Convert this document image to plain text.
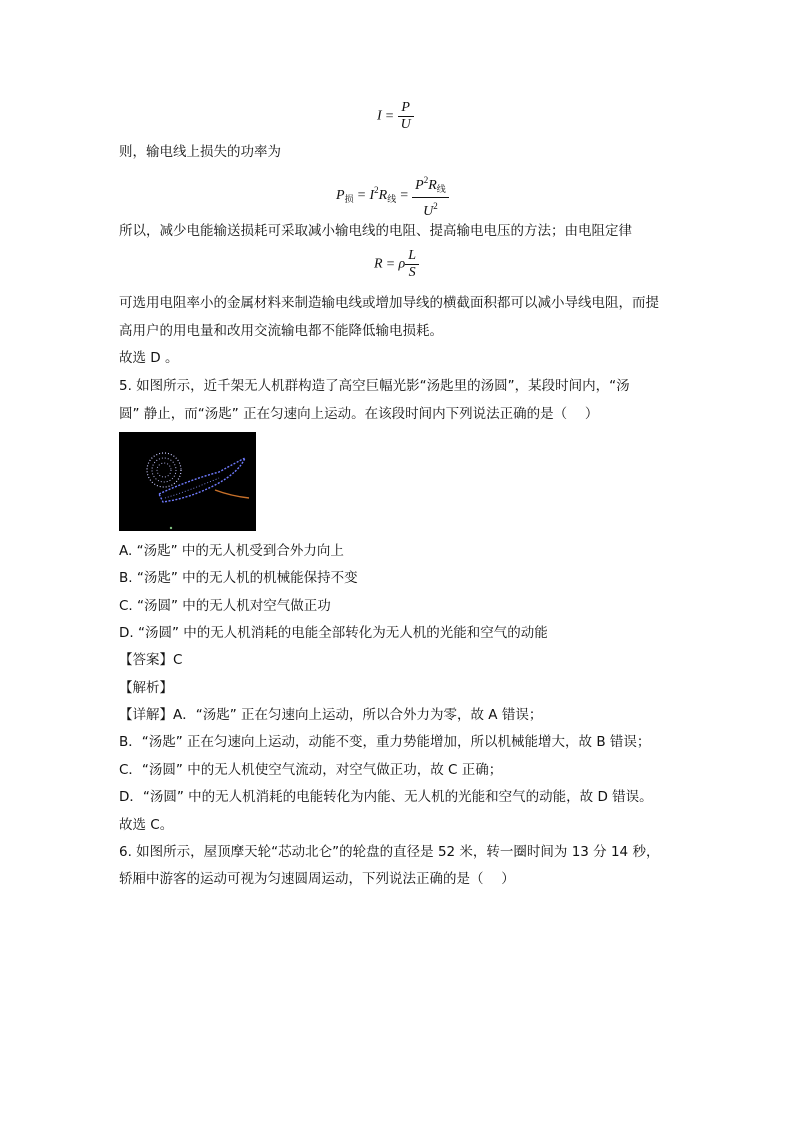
$I = \frac{P}{U}$
则，输电线上损失的功率为
$P_损 = I^2R_线 = \frac{P^2R_线}{U^2}$
所以，减少电能输送损耗可采取减小输电线的电阻、提高输电电压的方法；由电阻定律
R = ρ $\frac{L}{S}$
可选用电阻率小的金属材料来制造输电线或增加导线的横截面积都可以减小导线电阻，而提
高用户的用电量和改用交流输电都不能降低输电损耗。
故选 D 。
5. 如图所示，近千架无人机群构造了高空巨幅光影“汤匙里的汤圆”，某段时间内，“汤
圆” 静止，而“汤匙” 正在匀速向上运动。在该段时间内下列说法正确的是（　 ）
A. “汤匙” 中的无人机受到合外力向上
B. “汤匙” 中的无人机的机械能保持不变
C. “汤圆” 中的无人机对空气做正功
D. “汤圆” 中的无人机消耗的电能全部转化为无人机的光能和空气的动能
【答案】C
【解析】
【详解】A．“汤匙” 正在匀速向上运动，所以合外力为零，故 A 错误；
B．“汤匙” 正在匀速向上运动，动能不变，重力势能增加，所以机械能增大，故 B 错误；
C．“汤圆” 中的无人机使空气流动，对空气做正功，故 C 正确；
D．“汤圆” 中的无人机消耗的电能转化为内能、无人机的光能和空气的动能，故 D 错误。
故选 C。
6. 如图所示，屋顶摩天轮“芯动北仑”的轮盘的直径是 52 米，转一圈时间为 13 分 14 秒，
轿厢中游客的运动可视为匀速圆周运动，下列说法正确的是（　 ）
